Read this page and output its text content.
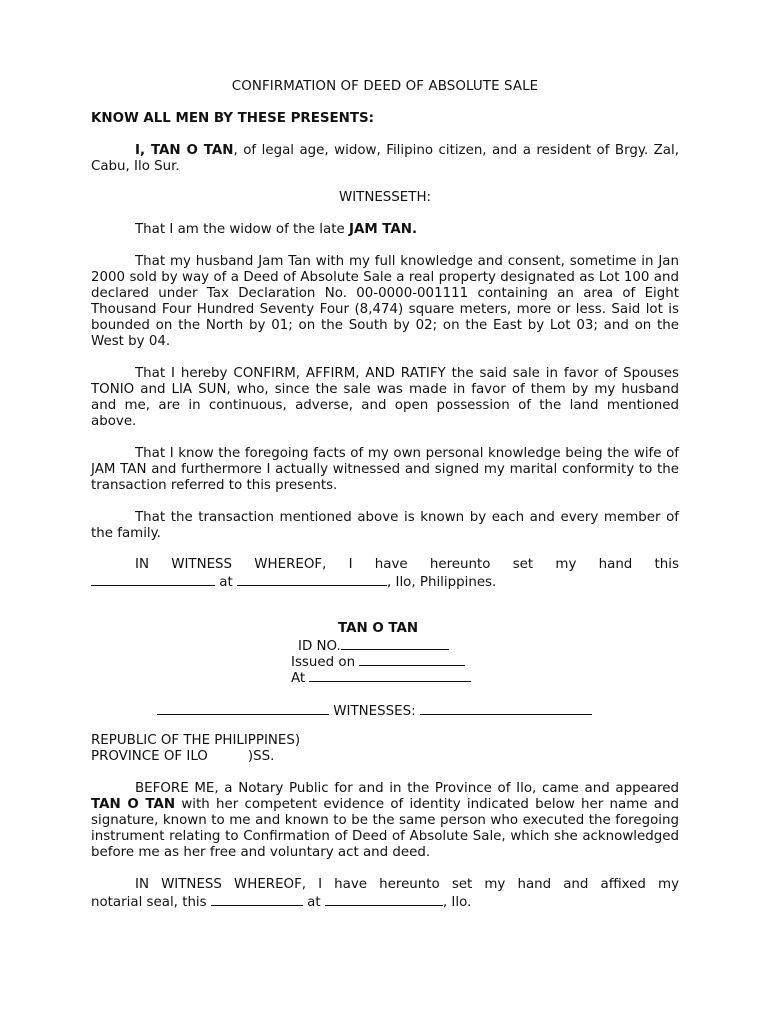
CONFIRMATION OF DEED OF ABSOLUTE SALE
KNOW ALL MEN BY THESE PRESENTS:

I, TAN O TAN, of legal age, widow, Filipino citizen, and a resident of Brgy. Zal, Cabu, Ilo Sur.

WITNESSETH:

That I am the widow of the late JAM TAN.

That my husband Jam Tan with my full knowledge and consent, sometime in Jan 2000 sold by way of a Deed of Absolute Sale a real property designated as Lot 100 and declared under Tax Declaration No. 00-0000-001111 containing an area of Eight Thousand Four Hundred Seventy Four (8,474) square meters, more or less. Said lot is bounded on the North by 01; on the South by 02; on the East by Lot 03; and on the West by 04.

That I hereby CONFIRM, AFFIRM, AND RATIFY the said sale in favor of Spouses TONIO and LIA SUN, who, since the sale was made in favor of them by my husband and me, are in continuous, adverse, and open possession of the land mentioned above.

That I know the foregoing facts of my own personal knowledge being the wife of JAM TAN and furthermore I actually witnessed and signed my marital conformity to the transaction referred to this presents.

That the transaction mentioned above is known by each and every member of the family.

IN WITNESS WHEREOF, I have hereunto set my hand this
at	, Ilo, Philippines.
TAN O TAN
ID NO.
Issued on
At
WITNESSES:
REPUBLIC OF THE PHILIPPINES)
PROVINCE OF ILO	)SS.

BEFORE ME, a Notary Public for and in the Province of Ilo, came and appeared TAN O TAN with her competent evidence of identity indicated below her name and signature, known to me and known to be the same person who executed the foregoing instrument relating to Confirmation of Deed of Absolute Sale, which she acknowledged before me as her free and voluntary act and deed.

IN WITNESS WHEREOF, I have hereunto set my hand and affixed my
notarial seal, this	at	, Ilo.
